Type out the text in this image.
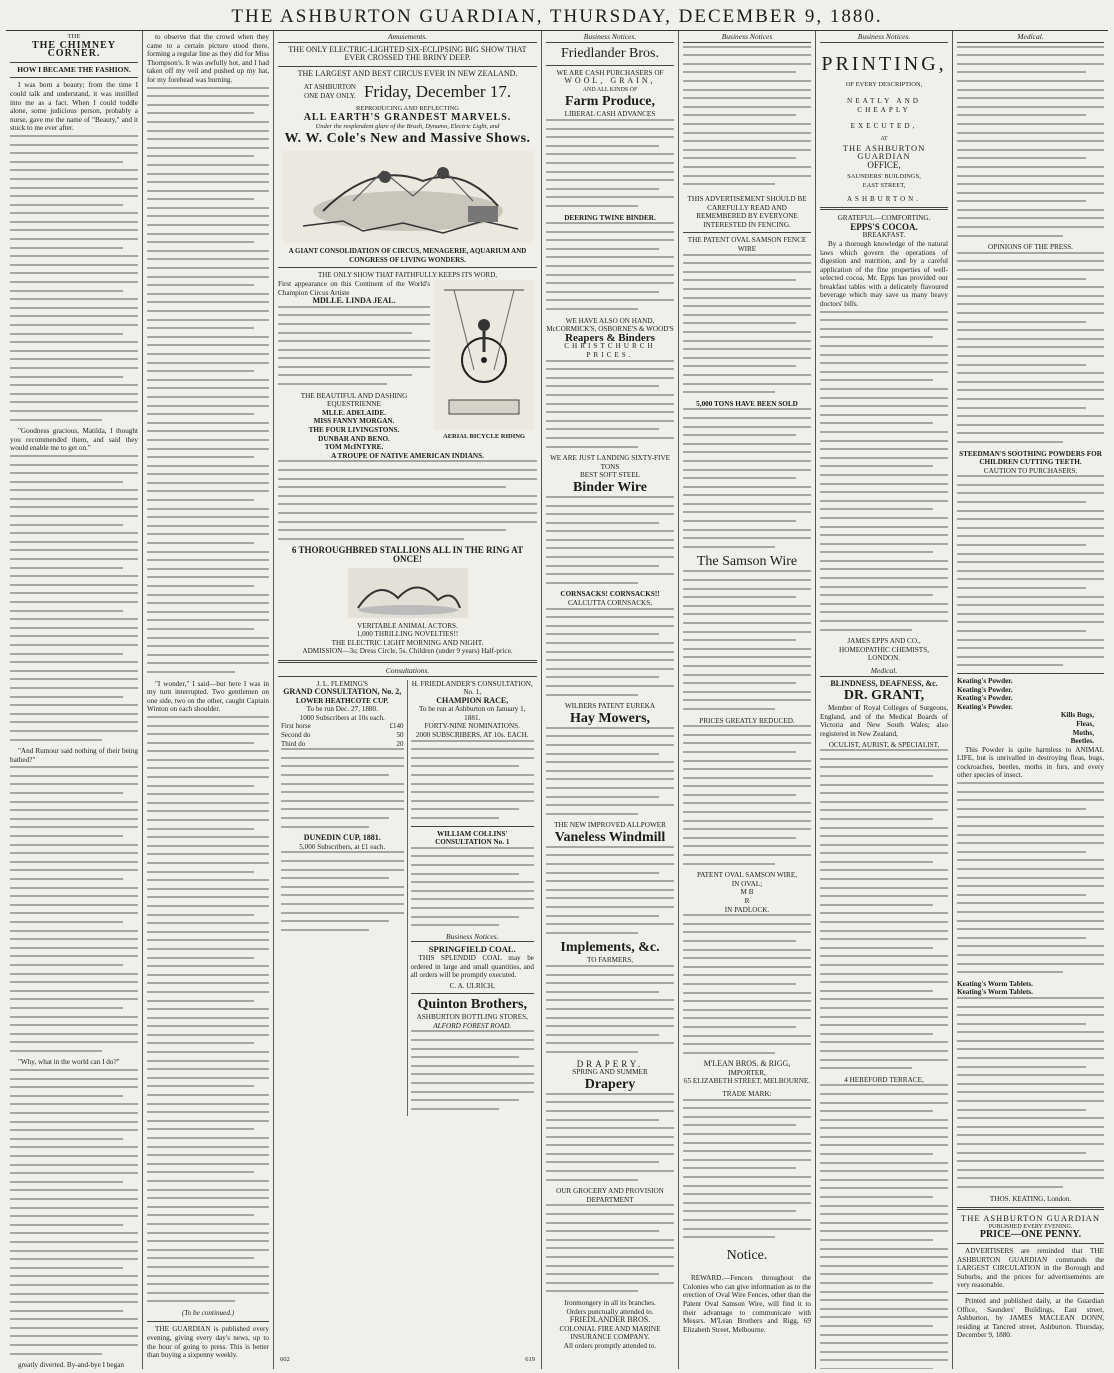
THE ASHBURTON GUARDIAN, THURSDAY, DECEMBER 9, 1880.
THE
THE CHIMNEY CORNER.
HOW I BECAME THE FASHION.

I was born a beauty; from the time I could talk and understand, it was instilled into me as a fact. When I could toddle alone, some judicious person, probably a nurse, gave me the name of "Beauty," and it stuck to me ever after.

"Goodness gracious, Matilda, I thought you recommended them, and said they would enable me to get on."

"And Rumour said nothing of their being bathed?"

"Why, what in the world can I do?"

greatly diverted. By-and-bye I began

to observe that the crowd when they came to a certain picture stood there, forming a regular line as they did for Miss Thompson's. It was awfully hot, and I had taken off my veil and pushed up my hat, for my forehead was burning.

"I wonder," I said—but here I was in my turn interrupted. Two gentlemen on one side, two on the other, caught Captain Winton on each shoulder.

(To be continued.)

THE GUARDIAN is published every evening, giving every day's news, up to the hour of going to press. This is better than buying a sixpenny weekly.

Amusements.
THE ONLY ELECTRIC-LIGHTED SIX-ECLIPSING BIG SHOW THAT EVER CROSSED THE BRINY DEEP.
THE LARGEST AND BEST CIRCUS EVER IN NEW ZEALAND.
AT ASHBURTON
ONE DAY ONLY. Friday, December 17.
REPRODUCING AND REFLECTING
ALL EARTH'S GRANDEST MARVELS.
Under the resplendent glare of the Brush, Dynamo, Electric Light, and
W. W. Cole's New and Massive Shows.
A GIANT CONSOLIDATION OF CIRCUS, MENAGERIE, AQUARIUM AND CONGRESS OF LIVING WONDERS.
THE ONLY SHOW THAT FAITHFULLY KEEPS ITS WORD,
First appearance on this Continent of the World's Champion Circus Artiste
MDLLE. LINDA JEAL.
THE BEAUTIFUL AND DASHING EQUESTRIENNE
MLLE. ADELAIDE.
MISS FANNY MORGAN.
THE FOUR LIVINGSTONS.
DUNBAR AND BENO.
TOM McINTYRE.
AERIAL BICYCLE RIDING
A TROUPE OF NATIVE AMERICAN INDIANS.
6 THOROUGHBRED STALLIONS ALL IN THE RING AT ONCE!
VERITABLE ANIMAL ACTORS.
1,000 THRILLING NOVELTIES!!
THE ELECTRIC LIGHT MORNING AND NIGHT.
ADMISSION—3s; Dress Circle, 5s. Children (under 9 years) Half-price.
Consultations.
J. L. FLEMING'S
GRAND CONSULTATION, No. 2,
LOWER HEATHCOTE CUP.
To be run Dec. 27, 1880.
1000 Subscribers at 10s each.
First horse	£140
Second do	50
Third do	20
DUNEDIN CUP, 1881.
5,000 Subscribers, at £1 each.
H. FRIEDLANDER'S CONSULTATION, No. 1,
CHAMPION RACE,
To be run at Ashburton on January 1, 1881.
FORTY-NINE NOMINATIONS.
2000 SUBSCRIBERS, AT 10s. EACH.
WILLIAM COLLINS' CONSULTATION No. 1
Business Notices.
SPRINGFIELD COAL.

THIS SPLENDID COAL may be ordered in large and small quantities, and all orders will be promptly executed.

C. A. ULRICH,
Quinton Brothers,
ASHBURTON BOTTLING STORES,
ALFORD FOREST ROAD.
602	619
Business Notices.
Friedlander Bros.
WE ARE CASH PURCHASERS OF
WOOL, GRAIN,
AND ALL KINDS OF
Farm Produce,
LIBERAL CASH ADVANCES
DEERING TWINE BINDER.
WE HAVE ALSO ON HAND, McCORMICK'S, OSBORNE'S & WOOD'S
Reapers & Binders
CHRISTCHURCH PRICES.
WE ARE JUST LANDING SIXTY-FIVE TONS
BEST SOFT STEEL
Binder Wire
CORNSACKS! CORNSACKS!!
CALCUTTA CORNSACKS,
WILBERS PATENT EUREKA
Hay Mowers,
THE NEW IMPROVED ALLPOWER
Vaneless Windmill
Implements, &c.
TO FARMERS,
DRAPERY.
SPRING AND SUMMER
Drapery
OUR GROCERY AND PROVISION DEPARTMENT
Ironmongery in all its branches.
Orders punctually attended to.
FRIEDLANDER BROS.
COLONIAL FIRE AND MARINE INSURANCE COMPANY.
All orders promptly attended to.
Business Notices
THIS ADVERTISEMENT SHOULD BE CAREFULLY READ AND REMEMBERED BY EVERYONE INTERESTED IN FENCING.
THE PATENT OVAL SAMSON FENCE WIRE
5,000 TONS HAVE BEEN SOLD
The Samson Wire
PRICES GREATLY REDUCED.
PATENT OVAL SAMSON WIRE,
IN OVAL;
M B
R
IN PADLOCK.
M'LEAN BROS. & RIGG,
IMPORTER,
65 ELIZABETH STREET, MELBOURNE.
TRADE MARK:
Notice.

REWARD.—Fencers throughout the Colonies who can give information as to the erection of Oval Wire Fences, other than the Patent Oval Samson Wire, will find it to their advantage to communicate with Messrs. M'Lean Brothers and Rigg, 69 Elizabeth Street, Melbourne.

Business Notices.
PRINTING,
OF EVERY DESCRIPTION,
NEATLY AND CHEAPLY
EXECUTED,
AT
THE ASHBURTON GUARDIAN
OFFICE,
SAUNDERS' BUILDINGS,
EAST STREET,
ASHBURTON.
GRATEFUL—COMFORTING.
EPPS'S COCOA.
BREAKFAST.

By a thorough knowledge of the natural laws which govern the operations of digestion and nutrition, and by a careful application of the fine properties of well-selected cocoa, Mr. Epps has provided our breakfast tables with a delicately flavoured beverage which may save us many heavy doctors' bills.

JAMES EPPS AND CO.,
HOMEOPATHIC CHEMISTS,
LONDON.
Medical.
BLINDNESS, DEAFNESS, &c.
DR. GRANT,

Member of Royal Colleges of Surgeons, England, and of the Medical Boards of Victoria and New South Wales; also registered in New Zealand,

OCULIST, AURIST, & SPECIALIST,
4 HEREFORD TERRACE,
Medical.
OPINIONS OF THE PRESS.
STEEDMAN'S SOOTHING POWDERS FOR CHILDREN CUTTING TEETH.
CAUTION TO PURCHASERS.
Keating's Powder.
Keating's Powder.
Keating's Powder.
Keating's Powder.
Kills Bugs,
Fleas,
Moths,
Beetles.

This Powder is quite harmless to ANIMAL LIFE, but is unrivalled in destroying fleas, bugs, cockroaches, beetles, moths in furs, and every other species of insect.

Keating's Worm Tablets.
Keating's Worm Tablets.
THOS. KEATING, London.
THE ASHBURTON GUARDIAN
PUBLISHED EVERY EVENING.
PRICE—ONE PENNY.

ADVERTISERS are reminded that THE ASHBURTON GUARDIAN commands the LARGEST CIRCULATION in the Borough and Suburbs, and the prices for advertisements are very reasonable.

Printed and published daily, at the Guardian Office, Saunders' Buildings, East street, Ashburton, by JAMES MACLEAN DONN, residing at Tancred street, Ashburton. Thursday, December 9, 1880.
